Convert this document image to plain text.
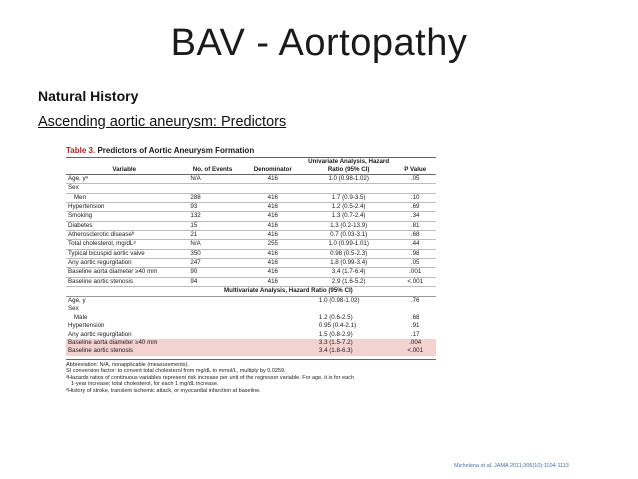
BAV - Aortopathy
Natural History
Ascending aortic aneurysm: Predictors
Table 3. Predictors of Aortic Aneurysm Formation
Variable	No. of Events	Denominator	Univariate Analysis, Hazard Ratio (95% CI)	P Value
Age, yᵃ	N/A	416	1.0 (0.98-1.02)	.05
Sex				
Men	288	416	1.7 (0.9-3.5)	.10
Hypertension	93	416	1.2 (0.5-2.4)	.69
Smoking	132	416	1.3 (0.7-2.4)	.34
Diabetes	15	416	1.3 (0.2-13.9)	.81
Atherosclerotic diseaseᵇ	21	416	0.7 (0.03-3.1)	.68
Total cholesterol, mg/dLᵃ	N/A	255	1.0 (0.99-1.01)	.44
Typical bicuspid aortic valve	350	416	0.98 (0.5-2.3)	.98
Any aortic regurgitation	247	416	1.8 (0.99-3.4)	.05
Baseline aorta diameter ≥40 mm	90	416	3.4 (1.7-6.4)	.001
Baseline aortic stenosis	94	416	2.9 (1.6-5.2)	<.001
	Multivariate Analysis, Hazard Ratio (95% CI)			
Age, y			1.0 (0.98-1.02)	.76
Sex				
Male			1.2 (0.6-2.5)	.68
Hypertension			0.95 (0.4-2.1)	.91
Any aortic regurgitation			1.5 (0.8-2.9)	.17
Baseline aorta diameter ≥40 mm			3.3 (1.5-7.2)	.004
Baseline aortic stenosis			3.4 (1.8-6.3)	<.001
Abbreviation: N/A, nonapplicable (measurements).
SI conversion factor: to convert total cholesterol from mg/dL to mmol/L, multiply by 0.0259.
ᵃHazards ratios of continuous variables represent risk increase per unit of the regressor variable. For age, it is for each
1-year increase; total cholesterol, for each 1 mg/dL increase.
ᵇHistory of stroke, transient ischemic attack, or myocardial infarction at baseline.
Michelena et al. JAMA 2011;306(10):1104-1113
